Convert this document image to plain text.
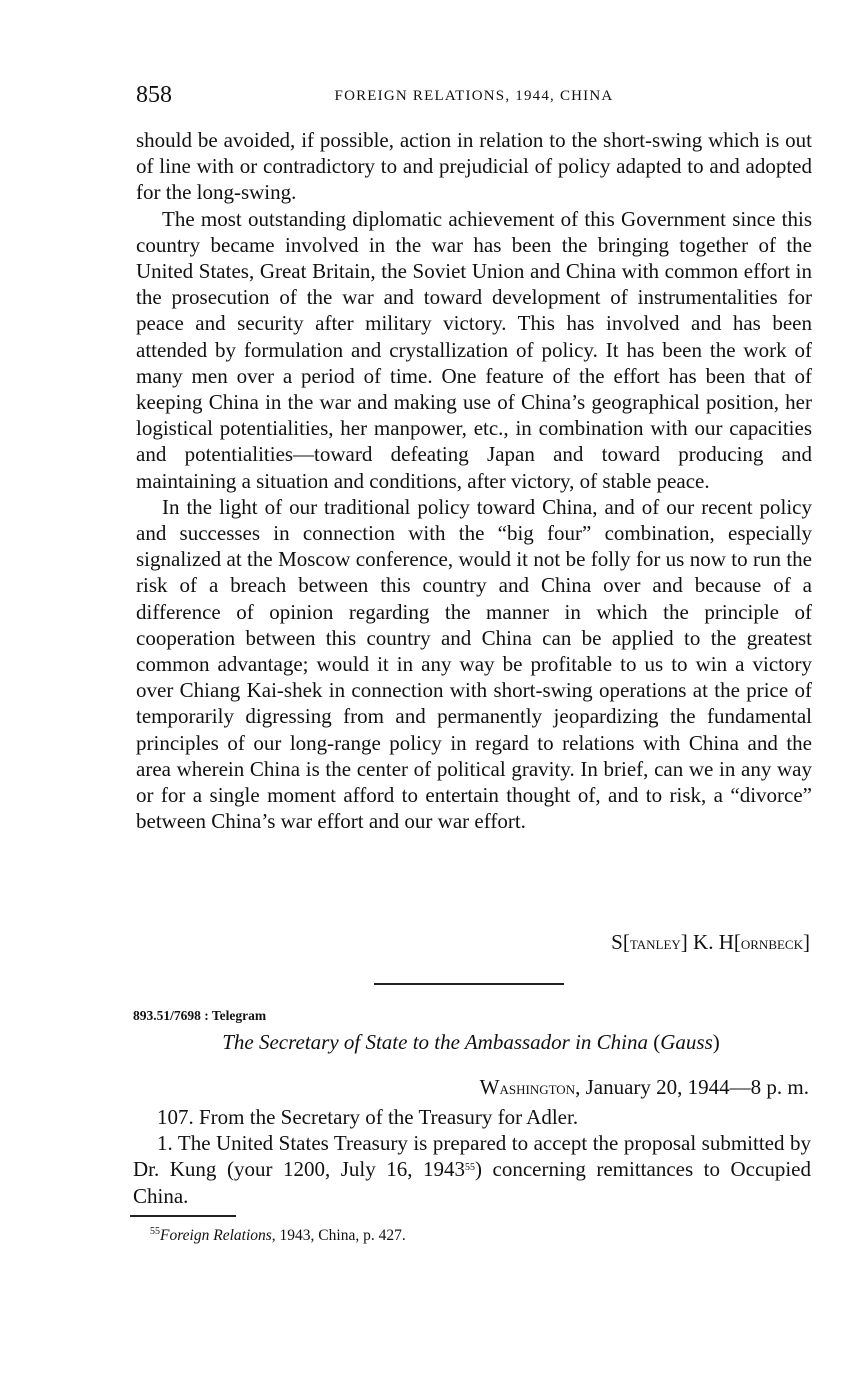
858	FOREIGN RELATIONS, 1944, CHINA

should be avoided, if possible, action in relation to the short-swing which is out of line with or contradictory to and prejudicial of policy adapted to and adopted for the long-swing.

The most outstanding diplomatic achievement of this Government since this country became involved in the war has been the bringing together of the United States, Great Britain, the Soviet Union and China with common effort in the prosecution of the war and toward development of instrumentalities for peace and security after military victory. This has involved and has been attended by formulation and crystallization of policy. It has been the work of many men over a period of time. One feature of the effort has been that of keeping China in the war and making use of China’s geographical position, her logistical potentialities, her manpower, etc., in combination with our capacities and potentialities—toward defeating Japan and toward producing and maintaining a situation and conditions, after victory, of stable peace.

In the light of our traditional policy toward China, and of our recent policy and successes in connection with the “big four” combination, especially signalized at the Moscow conference, would it not be folly for us now to run the risk of a breach between this country and China over and because of a difference of opinion regarding the manner in which the principle of cooperation between this country and China can be applied to the greatest common advantage; would it in any way be profitable to us to win a victory over Chiang Kai-shek in connection with short-swing operations at the price of temporarily digressing from and permanently jeopardizing the fundamental principles of our long-range policy in regard to relations with China and the area wherein China is the center of political gravity. In brief, can we in any way or for a single moment afford to entertain thought of, and to risk, a “divorce” between China’s war effort and our war effort.

S[tanley] K. H[ornbeck]
893.51/7698 : Telegram
The Secretary of State to the Ambassador in China (Gauss)
Washington, January 20, 1944—8 p. m.

107. From the Secretary of the Treasury for Adler.

1. The United States Treasury is prepared to accept the proposal submitted by Dr. Kung (your 1200, July 16, 1943$^{55}$) concerning remittances to Occupied China.

$^{55}$Foreign Relations, 1943, China, p. 427.
